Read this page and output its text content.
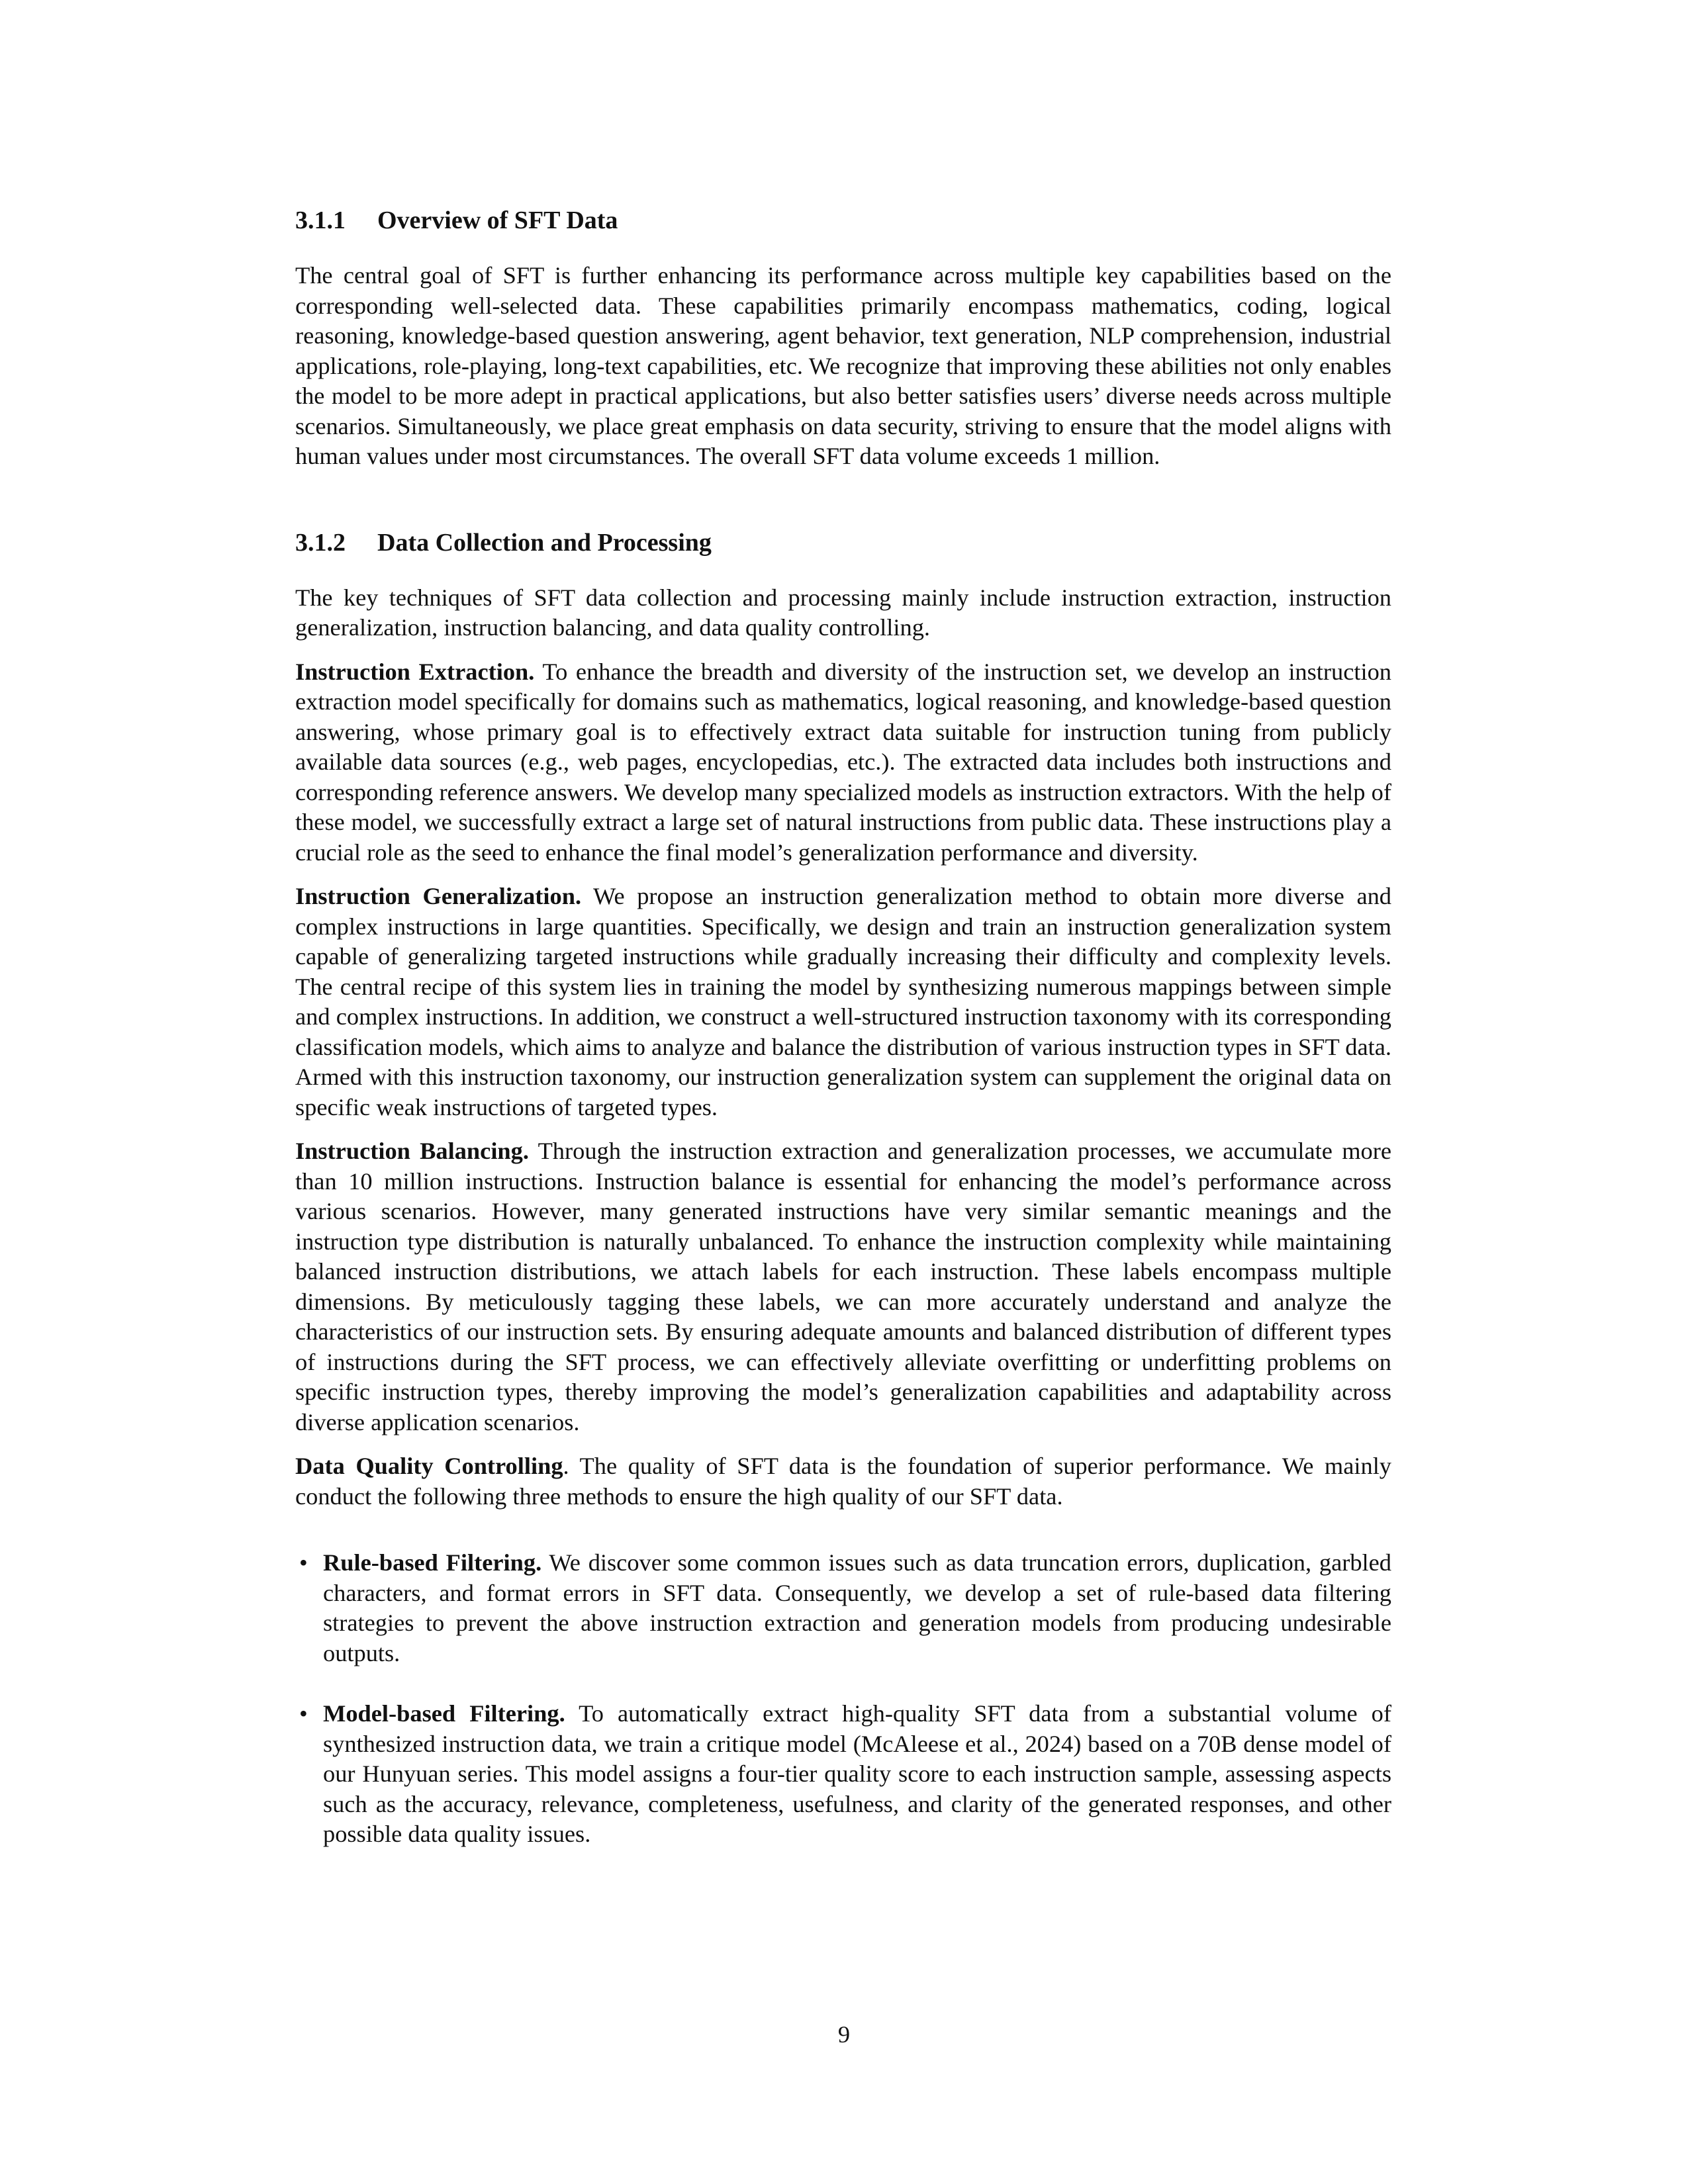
3.1.1 Overview of SFT Data

The central goal of SFT is further enhancing its performance across multiple key capabilities based on the corresponding well-selected data. These capabilities primarily encompass mathematics, coding, logical reasoning, knowledge-based question answering, agent behavior, text generation, NLP comprehension, industrial applications, role-playing, long-text capabilities, etc. We recognize that improving these abilities not only enables the model to be more adept in practical applications, but also better satisfies users’ diverse needs across multiple scenarios. Simultaneously, we place great emphasis on data security, striving to ensure that the model aligns with human values under most circumstances. The overall SFT data volume exceeds 1 million.

3.1.2 Data Collection and Processing

The key techniques of SFT data collection and processing mainly include instruction extraction, instruction generalization, instruction balancing, and data quality controlling.

Instruction Extraction. To enhance the breadth and diversity of the instruction set, we develop an instruction extraction model specifically for domains such as mathematics, logical reasoning, and knowledge-based question answering, whose primary goal is to effectively extract data suitable for instruction tuning from publicly available data sources (e.g., web pages, encyclopedias, etc.). The extracted data includes both instructions and corresponding reference answers. We develop many specialized models as instruction extractors. With the help of these model, we successfully extract a large set of natural instructions from public data. These instructions play a crucial role as the seed to enhance the final model’s generalization performance and diversity.

Instruction Generalization. We propose an instruction generalization method to obtain more diverse and complex instructions in large quantities. Specifically, we design and train an instruction generalization system capable of generalizing targeted instructions while gradually increasing their difficulty and complexity levels. The central recipe of this system lies in training the model by synthesizing numerous mappings between simple and complex instructions. In addition, we construct a well-structured instruction taxonomy with its corresponding classification models, which aims to analyze and balance the distribution of various instruction types in SFT data. Armed with this instruction taxonomy, our instruction generalization system can supplement the original data on specific weak instructions of targeted types.

Instruction Balancing. Through the instruction extraction and generalization processes, we accumulate more than 10 million instructions. Instruction balance is essential for enhancing the model’s performance across various scenarios. However, many generated instructions have very similar semantic meanings and the instruction type distribution is naturally unbalanced. To enhance the instruction complexity while maintaining balanced instruction distributions, we attach labels for each instruction. These labels encompass multiple dimensions. By meticulously tagging these labels, we can more accurately understand and analyze the characteristics of our instruction sets. By ensuring adequate amounts and balanced distribution of different types of instructions during the SFT process, we can effectively alleviate overfitting or underfitting problems on specific instruction types, thereby improving the model’s generalization capabilities and adaptability across diverse application scenarios.

Data Quality Controlling. The quality of SFT data is the foundation of superior performance. We mainly conduct the following three methods to ensure the high quality of our SFT data.

• Rule-based Filtering. We discover some common issues such as data truncation errors, duplication, garbled characters, and format errors in SFT data. Consequently, we develop a set of rule-based data filtering strategies to prevent the above instruction extraction and generation models from producing undesirable outputs.
• Model-based Filtering. To automatically extract high-quality SFT data from a substantial volume of synthesized instruction data, we train a critique model (McAleese et al., 2024) based on a 70B dense model of our Hunyuan series. This model assigns a four-tier quality score to each instruction sample, assessing aspects such as the accuracy, relevance, completeness, usefulness, and clarity of the generated responses, and other possible data quality issues.
9
